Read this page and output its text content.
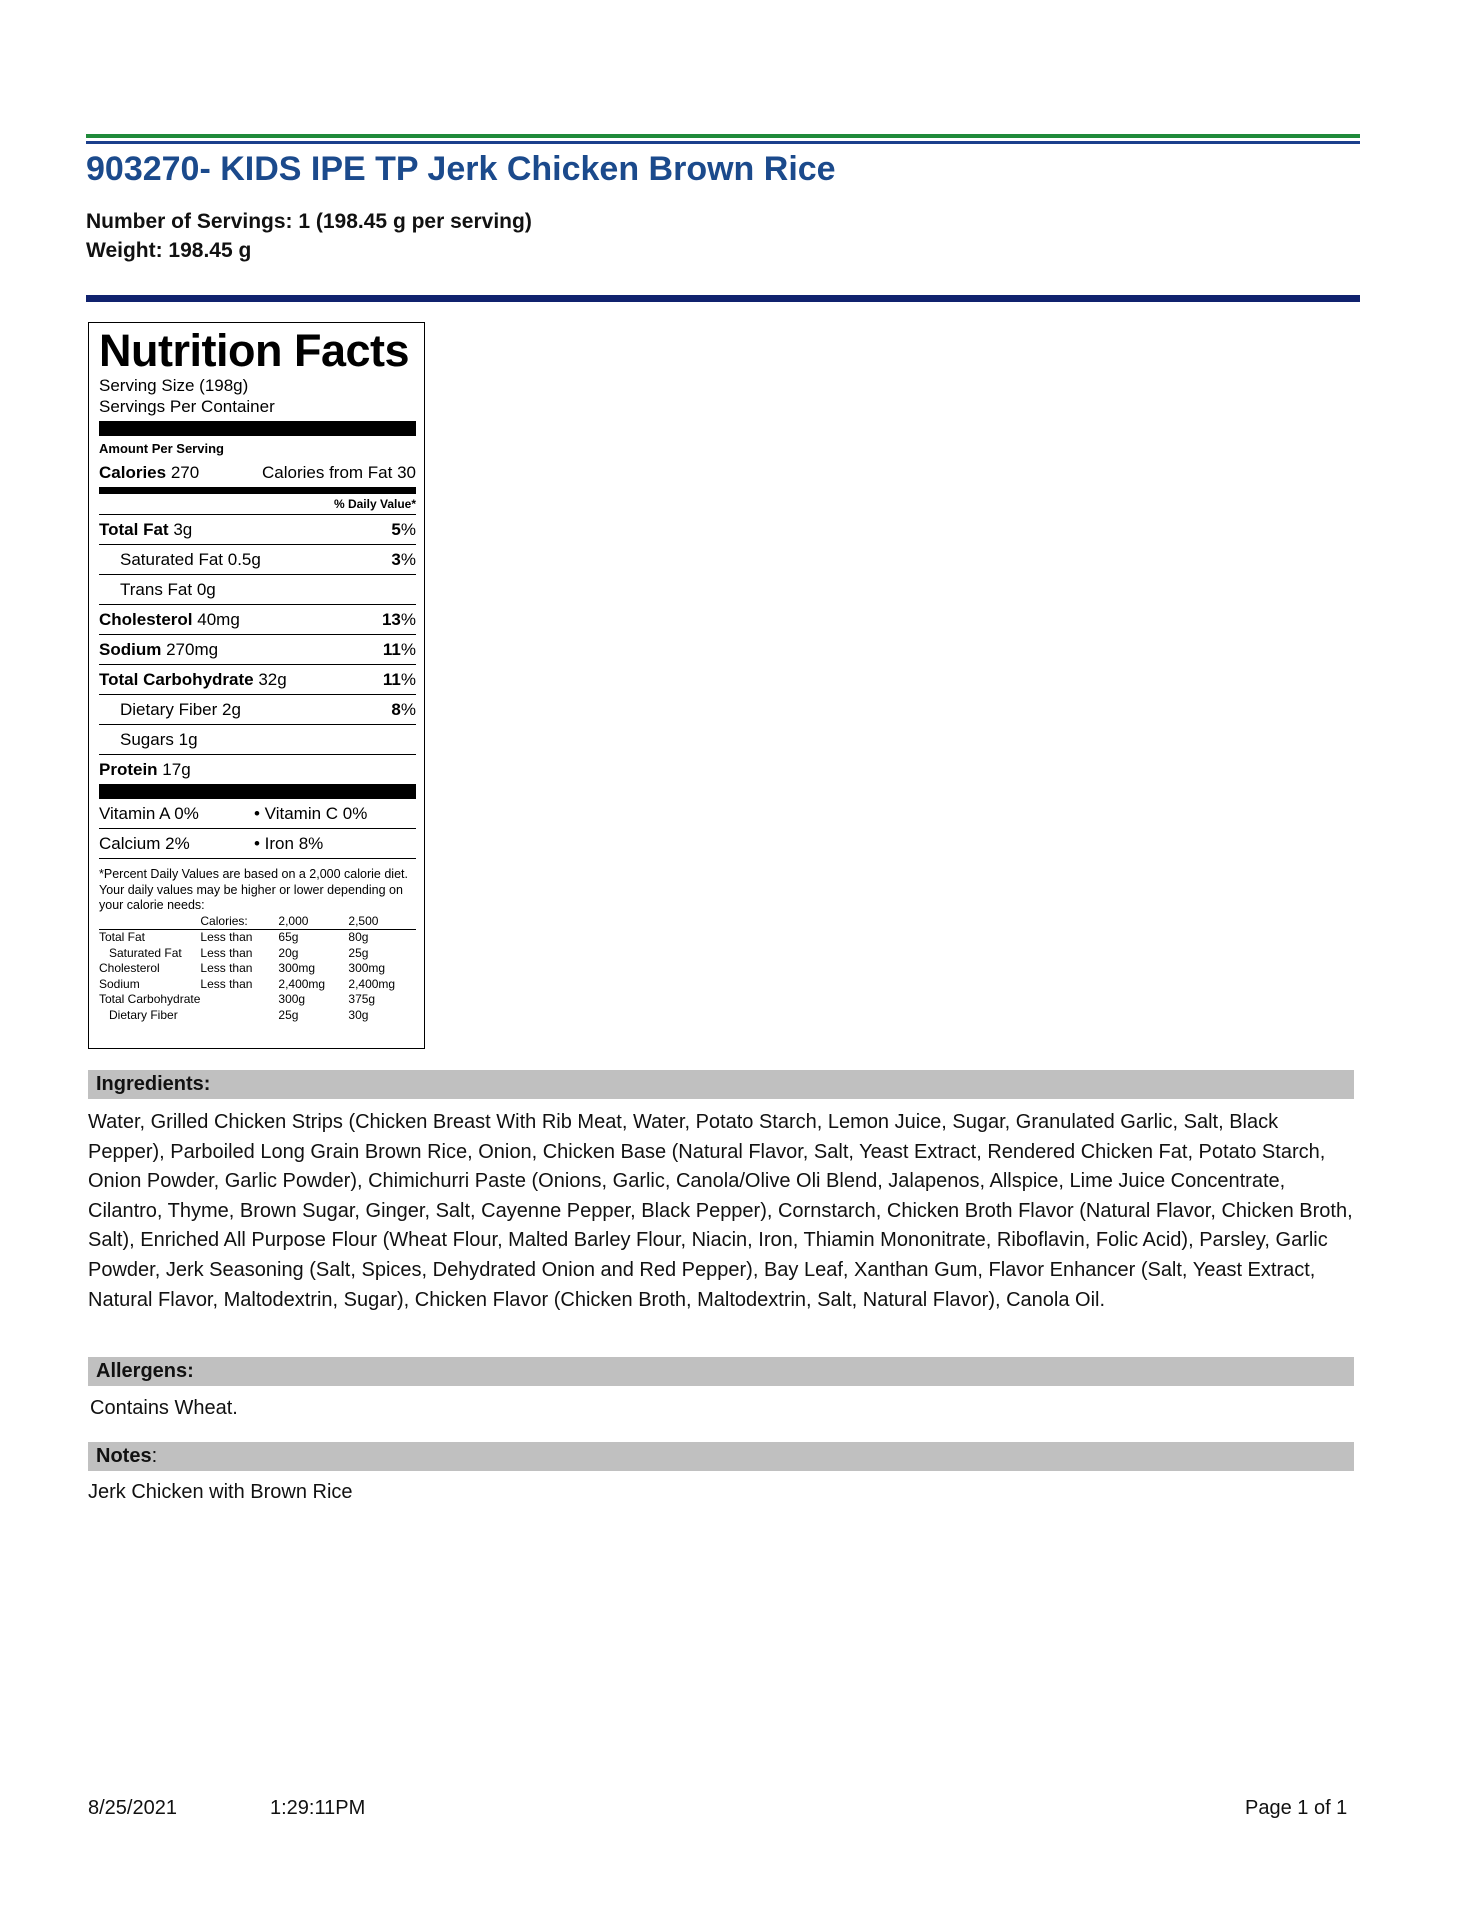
903270- KIDS IPE TP Jerk Chicken Brown Rice
Number of Servings: 1 (198.45 g per serving)
Weight: 198.45 g
Nutrition Facts
Serving Size (198g)
Servings Per Container
Amount Per Serving
Calories 270	Calories from Fat 30
% Daily Value*
Total Fat 3g	5%
Saturated Fat 0.5g	3%
Trans Fat 0g
Cholesterol 40mg	13%
Sodium 270mg	11%
Total Carbohydrate 32g	11%
Dietary Fiber 2g	8%
Sugars 1g
Protein 17g
Vitamin A 0%	• Vitamin C 0%
Calcium 2%	• Iron 8%
*Percent Daily Values are based on a 2,000 calorie diet. Your daily values may be higher or lower depending on your calorie needs:
	Calories:	2,000	2,500
Total Fat	Less than	65g	80g
Saturated Fat	Less than	20g	25g
Cholesterol	Less than	300mg	300mg
Sodium	Less than	2,400mg	2,400mg
Total Carbohydrate		300g	375g
Dietary Fiber		25g	30g
Ingredients:
Water, Grilled Chicken Strips (Chicken Breast With Rib Meat, Water, Potato Starch, Lemon Juice, Sugar, Granulated Garlic, Salt, Black Pepper), Parboiled Long Grain Brown Rice, Onion, Chicken Base (Natural Flavor, Salt, Yeast Extract, Rendered Chicken Fat, Potato Starch, Onion Powder, Garlic Powder), Chimichurri Paste (Onions, Garlic, Canola/Olive Oli Blend, Jalapenos, Allspice, Lime Juice Concentrate, Cilantro, Thyme, Brown Sugar, Ginger, Salt, Cayenne Pepper, Black Pepper), Cornstarch, Chicken Broth Flavor (Natural Flavor, Chicken Broth, Salt), Enriched All Purpose Flour (Wheat Flour, Malted Barley Flour, Niacin, Iron, Thiamin Mononitrate, Riboflavin, Folic Acid), Parsley, Garlic Powder, Jerk Seasoning (Salt, Spices, Dehydrated Onion and Red Pepper), Bay Leaf, Xanthan Gum, Flavor Enhancer (Salt, Yeast Extract, Natural Flavor, Maltodextrin, Sugar), Chicken Flavor (Chicken Broth, Maltodextrin, Salt, Natural Flavor), Canola Oil.
Allergens:
Contains Wheat.
Notes:
Jerk Chicken with Brown Rice
8/25/2021	1:29:11PM	Page 1 of 1
